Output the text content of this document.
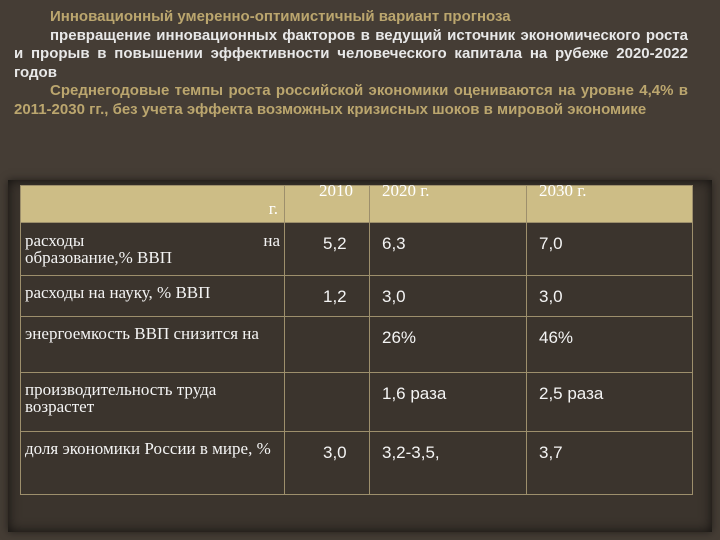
Инновационный умеренно-оптимистичный вариант прогноза

превращение инновационных факторов в ведущий источник экономического роста и прорыв в повышении эффективности человеческого капитала на рубеже 2020-2022 годов

Среднегодовые темпы роста российской экономики оцениваются на уровне 4,4% в 2011-2030 гг., без учета эффекта возможных кризисных шоков в мировой экономике

г.	2010	2020 г.	2030 г.

расходы на
образование,% ВВП	5,2	6,3	7,0

расходы на науку, % ВВП	1,2	3,0	3,0

энергоемкость ВВП снизится на		26%	46%

производительность труда возрастет		1,6 раза	2,5 раза

доля экономики России в мире, %	3,0	3,2-3,5,	3,7
